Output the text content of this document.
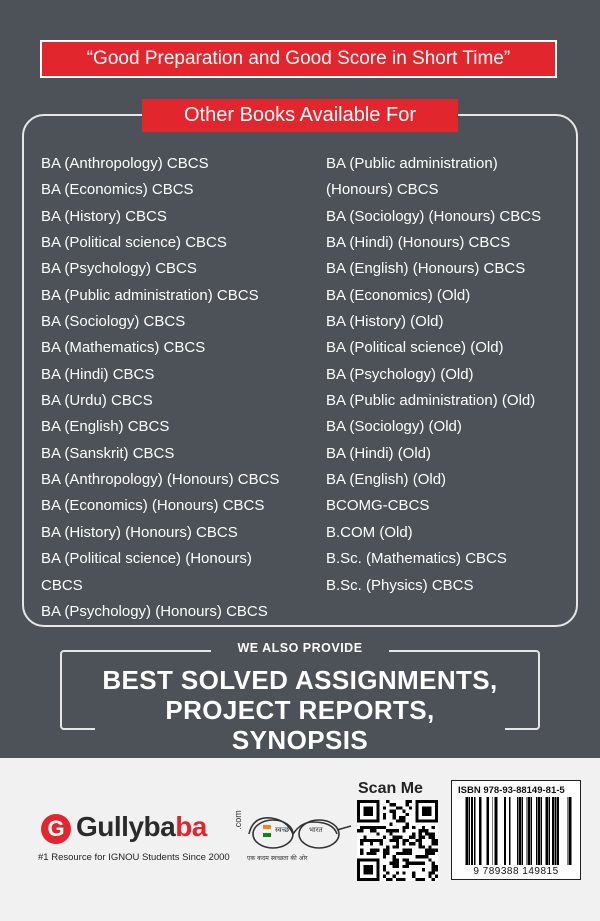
“Good Preparation and Good Score in Short Time”
Other Books Available For
BA (Anthropology) CBCS
BA (Economics) CBCS
BA (History) CBCS
BA (Political science) CBCS
BA (Psychology) CBCS
BA (Public administration) CBCS
BA (Sociology) CBCS
BA (Mathematics) CBCS
BA (Hindi) CBCS
BA (Urdu) CBCS
BA (English) CBCS
BA (Sanskrit) CBCS
BA (Anthropology) (Honours) CBCS
BA (Economics) (Honours) CBCS
BA (History) (Honours) CBCS
BA (Political science) (Honours)
CBCS
BA (Psychology) (Honours) CBCS
BA (Public administration)
(Honours) CBCS
BA (Sociology) (Honours) CBCS
BA (Hindi) (Honours) CBCS
BA (English) (Honours) CBCS
BA (Economics) (Old)
BA (History) (Old)
BA (Political science) (Old)
BA (Psychology) (Old)
BA (Public administration) (Old)
BA (Sociology) (Old)
BA (Hindi) (Old)
BA (English) (Old)
BCOMG-CBCS
B.COM (Old)
B.Sc. (Mathematics) CBCS
B.Sc. (Physics) CBCS
WE ALSO PROVIDE
BEST SOLVED ASSIGNMENTS,
PROJECT REPORTS, SYNOPSIS
G Gullybaba	.com
#1 Resource for IGNOU Students Since 2000
स्वच्छ	भारत
एक कदम स्वच्छता की ओर
Scan Me	ISBN 978-93-88149-81-5
9 789388 149815
